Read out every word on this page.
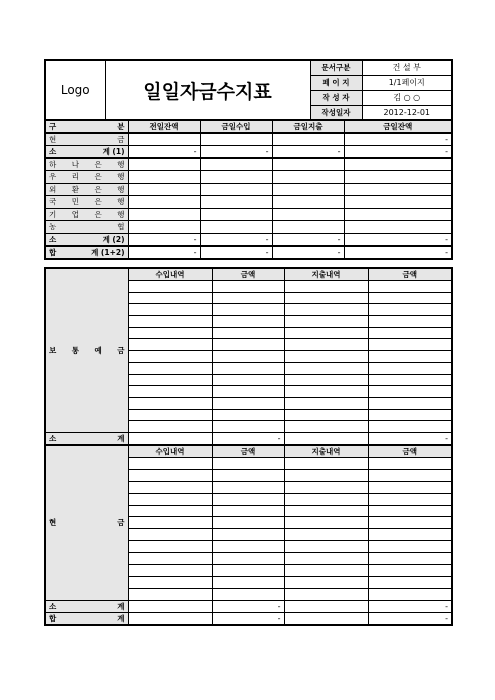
Logo	일일자금수지표	문서구분	건 설 부
		페 이 지	1/1페이지
		작 성 자	김 ○ ○
		작성일자	2012-12-01
구 분	전일잔액	금일수입	금일지출	금일잔액

현 금				-

소 계 (1)	-	-	-	-

하 나 은 행				

우 리 은 행				

외 환 은 행				

국 민 은 행				

기 업 은 행				

농 협				

소 계 (2)	-	-	-	-

합 계 (1+2)	-	-	-	-
보 통 예 금	수입내역	금액	지출내역	금액

소 계		-		-

현 금	수입내역	금액	지출내역	금액

소 계		-		-

합 계		-		-
